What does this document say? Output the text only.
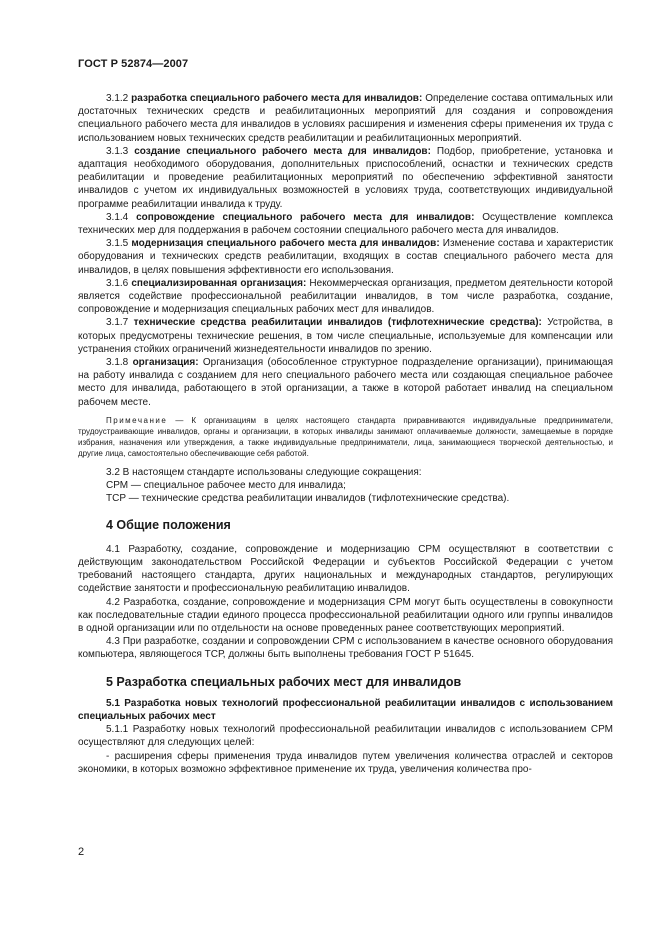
ГОСТ Р 52874—2007

3.1.2 разработка специального рабочего места для инвалидов: Определение состава оптимальных или достаточных технических средств и реабилитационных мероприятий для создания и сопровождения специального рабочего места для инвалидов в условиях расширения и изменения сферы применения их труда с использованием новых технических средств реабилитации и реабилитационных мероприятий.

3.1.3 создание специального рабочего места для инвалидов: Подбор, приобретение, установка и адаптация необходимого оборудования, дополнительных приспособлений, оснастки и технических средств реабилитации и проведение реабилитационных мероприятий по обеспечению эффективной занятости инвалидов с учетом их индивидуальных возможностей в условиях труда, соответствующих индивидуальной программе реабилитации инвалида к труду.

3.1.4 сопровождение специального рабочего места для инвалидов: Осуществление комплекса технических мер для поддержания в рабочем состоянии специального рабочего места для инвалидов.

3.1.5 модернизация специального рабочего места для инвалидов: Изменение состава и характеристик оборудования и технических средств реабилитации, входящих в состав специального рабочего места для инвалидов, в целях повышения эффективности его использования.

3.1.6 специализированная организация: Некоммерческая организация, предметом деятельности которой является содействие профессиональной реабилитации инвалидов, в том числе разработка, создание, сопровождение и модернизация специальных рабочих мест для инвалидов.

3.1.7 технические средства реабилитации инвалидов (тифлотехнические средства): Устройства, в которых предусмотрены технические решения, в том числе специальные, используемые для компенсации или устранения стойких ограничений жизнедеятельности инвалидов по зрению.

3.1.8 организация: Организация (обособленное структурное подразделение организации), принимающая на работу инвалида с созданием для него специального рабочего места или создающая специальное рабочее место для инвалида, работающего в этой организации, а также в которой работает инвалид на специальном рабочем месте.

Примечание — К организациям в целях настоящего стандарта приравниваются индивидуальные предприниматели, трудоустраивающие инвалидов, органы и организации, в которых инвалиды занимают оплачиваемые должности, замещаемые в порядке избрания, назначения или утверждения, а также индивидуальные предприниматели, лица, занимающиеся творческой деятельностью, и другие лица, самостоятельно обеспечивающие себя работой.

3.2 В настоящем стандарте использованы следующие сокращения:

СРМ — специальное рабочее место для инвалида;

ТСР — технические средства реабилитации инвалидов (тифлотехнические средства).

4 Общие положения

4.1 Разработку, создание, сопровождение и модернизацию СРМ осуществляют в соответствии с действующим законодательством Российской Федерации и субъектов Российской Федерации с учетом требований настоящего стандарта, других национальных и международных стандартов, регулирующих содействие занятости и профессиональную реабилитацию инвалидов.

4.2 Разработка, создание, сопровождение и модернизация СРМ могут быть осуществлены в совокупности как последовательные стадии единого процесса профессиональной реабилитации одного или группы инвалидов в одной организации или по отдельности на основе проведенных ранее соответствующих мероприятий.

4.3 При разработке, создании и сопровождении СРМ с использованием в качестве основного оборудования компьютера, являющегося ТСР, должны быть выполнены требования ГОСТ Р 51645.

5 Разработка специальных рабочих мест для инвалидов

5.1 Разработка новых технологий профессиональной реабилитации инвалидов с использованием специальных рабочих мест

5.1.1 Разработку новых технологий профессиональной реабилитации инвалидов с использованием СРМ осуществляют для следующих целей:

- расширения сферы применения труда инвалидов путем увеличения количества отраслей и секторов экономики, в которых возможно эффективное применение их труда, увеличения количества про-

2
